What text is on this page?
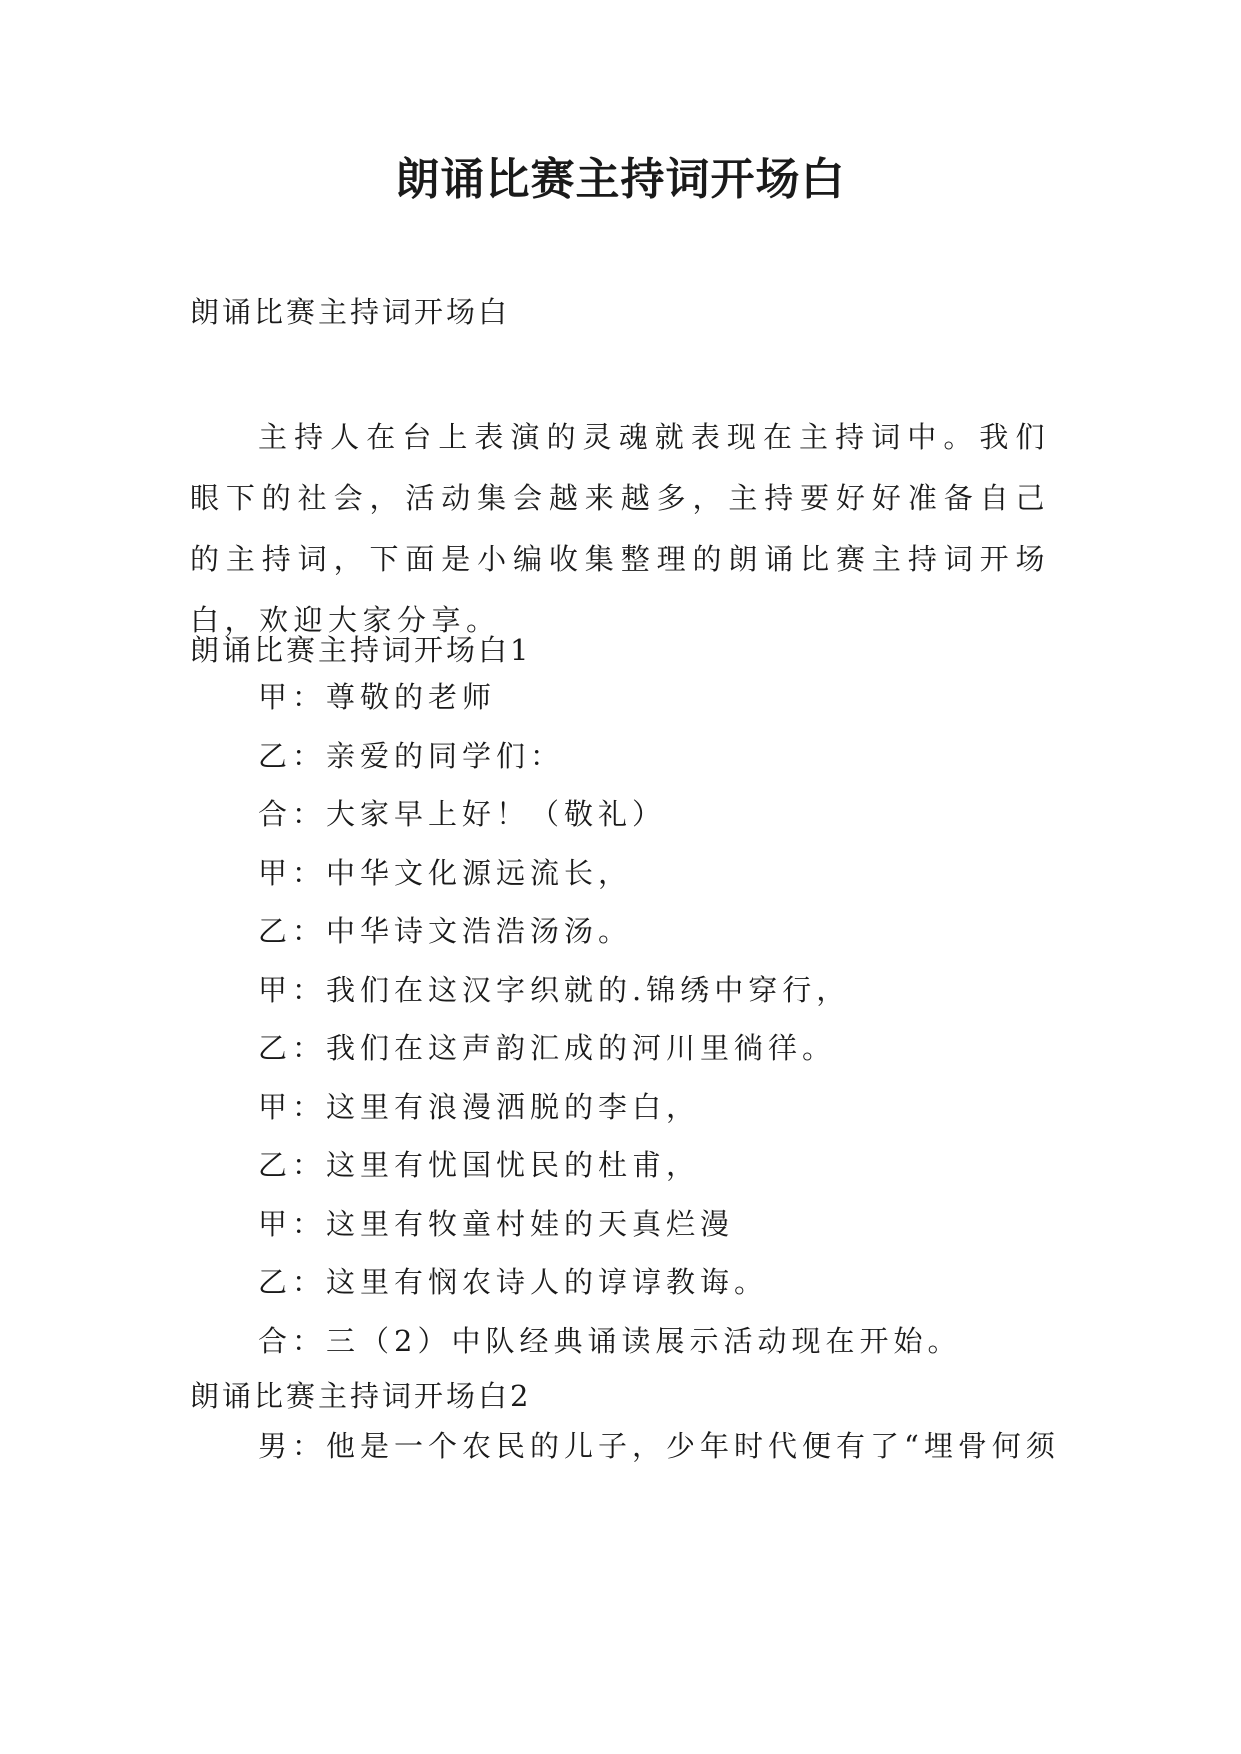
朗诵比赛主持词开场白

朗诵比赛主持词开场白

主持人在台上表演的灵魂就表现在主持词中。我们眼下的社会，活动集会越来越多，主持要好好准备自己的主持词，下面是小编收集整理的朗诵比赛主持词开场白，欢迎大家分享。

朗诵比赛主持词开场白1

甲：尊敬的老师
乙：亲爱的同学们：
合：大家早上好！（敬礼）
甲：中华文化源远流长，
乙：中华诗文浩浩汤汤。
甲：我们在这汉字织就的.锦绣中穿行，
乙：我们在这声韵汇成的河川里徜徉。
甲：这里有浪漫洒脱的李白，
乙：这里有忧国忧民的杜甫，
甲：这里有牧童村娃的天真烂漫
乙：这里有悯农诗人的谆谆教诲。
合：三（2）中队经典诵读展示活动现在开始。

朗诵比赛主持词开场白2

男：他是一个农民的儿子，少年时代便有了“埋骨何须
